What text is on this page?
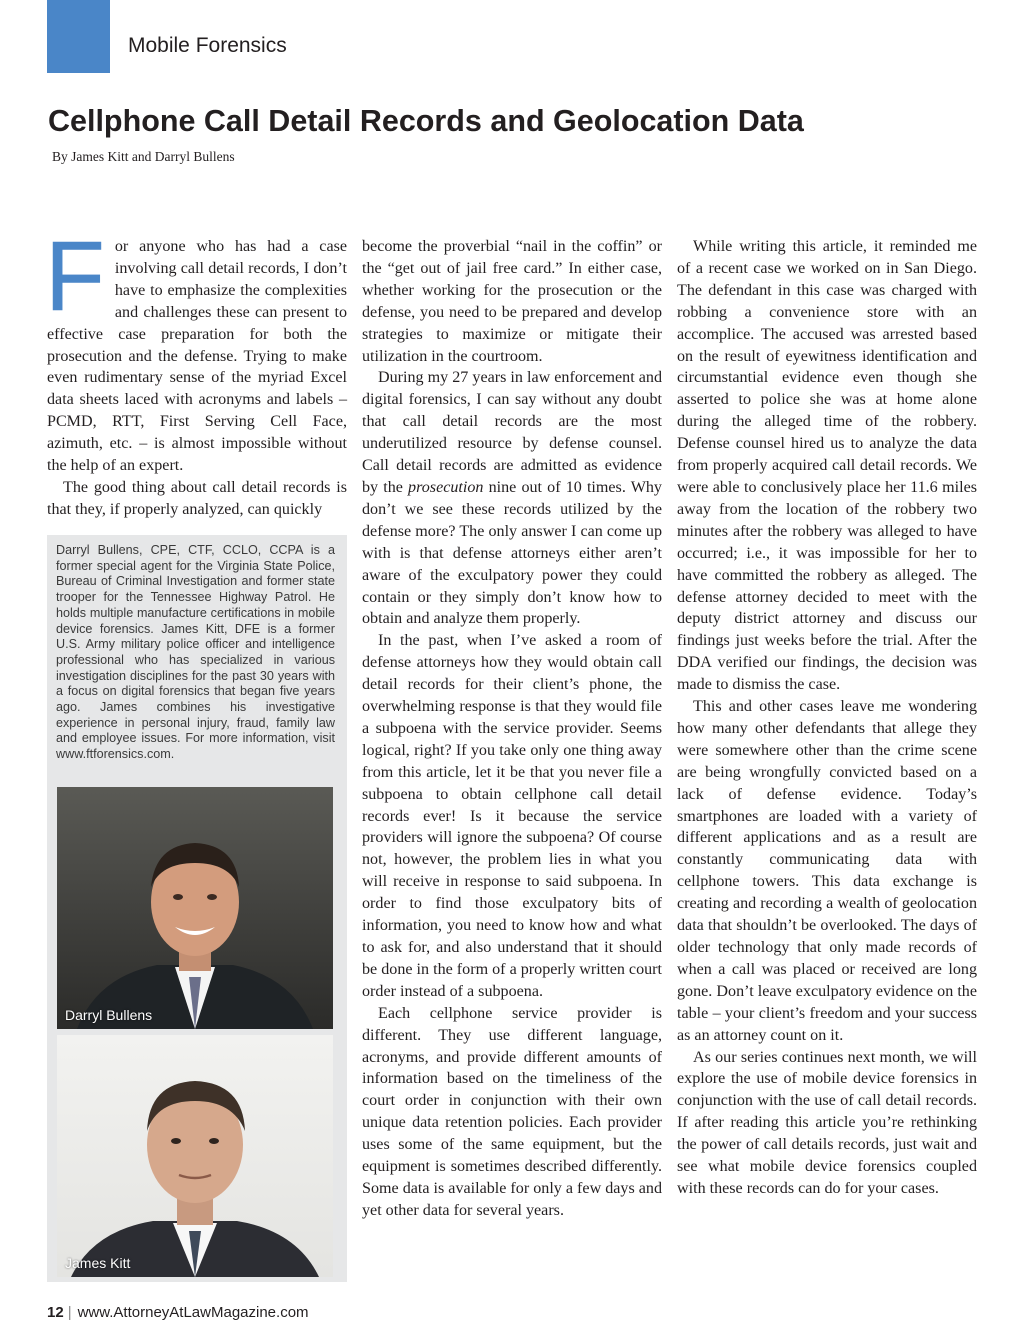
Mobile Forensics
Cellphone Call Detail Records and Geolocation Data
By James Kitt and Darryl Bullens

For anyone who has had a case involving call detail records, I don’t have to emphasize the complexities and challenges these can present to effective case preparation for both the prosecution and the defense. Trying to make even rudimentary sense of the myriad Excel data sheets laced with acronyms and labels – PCMD, RTT, First Serving Cell Face, azimuth, etc. – is almost impossible without the help of an expert.

The good thing about call detail records is that they, if properly analyzed, can quickly

become the proverbial “nail in the coffin” or the “get out of jail free card.” In either case, whether working for the prosecution or the defense, you need to be prepared and develop strategies to maximize or mitigate their utilization in the courtroom.

During my 27 years in law enforcement and digital forensics, I can say without any doubt that call detail records are the most underutilized resource by defense counsel. Call detail records are admitted as evidence by the prosecution nine out of 10 times. Why don’t we see these records utilized by the defense more? The only answer I can come up with is that defense attorneys either aren’t aware of the exculpatory power they could contain or they simply don’t know how to obtain and analyze them properly.

In the past, when I’ve asked a room of defense attorneys how they would obtain call detail records for their client’s phone, the overwhelming response is that they would file a subpoena with the service provider. Seems logical, right? If you take only one thing away from this article, let it be that you never file a subpoena to obtain cellphone call detail records ever! Is it because the service providers will ignore the subpoena? Of course not, however, the problem lies in what you will receive in response to said subpoena. In order to find those exculpatory bits of information, you need to know how and what to ask for, and also understand that it should be done in the form of a properly written court order instead of a subpoena.

Each cellphone service provider is different. They use different language, acronyms, and provide different amounts of information based on the timeliness of the court order in conjunction with their own unique data retention policies. Each provider uses some of the same equipment, but the equipment is sometimes described differently. Some data is available for only a few days and yet other data for several years.

While writing this article, it reminded me of a recent case we worked on in San Diego. The defendant in this case was charged with robbing a convenience store with an accomplice. The accused was arrested based on the result of eyewitness identification and circumstantial evidence even though she asserted to police she was at home alone during the alleged time of the robbery. Defense counsel hired us to analyze the data from properly acquired call detail records. We were able to conclusively place her 11.6 miles away from the location of the robbery two minutes after the robbery was alleged to have occurred; i.e., it was impossible for her to have committed the robbery as alleged. The defense attorney decided to meet with the deputy district attorney and discuss our findings just weeks before the trial. After the DDA verified our findings, the decision was made to dismiss the case.

This and other cases leave me wondering how many other defendants that allege they were somewhere other than the crime scene are being wrongfully convicted based on a lack of defense evidence. Today’s smartphones are loaded with a variety of different applications and as a result are constantly communicating data with cellphone towers. This data exchange is creating and recording a wealth of geolocation data that shouldn’t be overlooked. The days of older technology that only made records of when a call was placed or received are long gone. Don’t leave exculpatory evidence on the table – your client’s freedom and your success as an attorney count on it.

As our series continues next month, we will explore the use of mobile device forensics in conjunction with the use of call detail records. If after reading this article you’re rethinking the power of call details records, just wait and see what mobile device forensics coupled with these records can do for your cases.

Darryl Bullens, CPE, CTF, CCLO, CCPA is a former special agent for the Virginia State Police, Bureau of Criminal Investigation and former state trooper for the Tennessee Highway Patrol. He holds multiple manufacture certifications in mobile device forensics. James Kitt, DFE is a former U.S. Army military police officer and intelligence professional who has specialized in various investigation disciplines for the past 30 years with a focus on digital forensics that began five years ago. James combines his investigative experience in personal injury, fraud, family law and employee issues. For more information, visit www.ftforensics.com.
Darryl Bullens
James Kitt
12 | www.AttorneyAtLawMagazine.com
